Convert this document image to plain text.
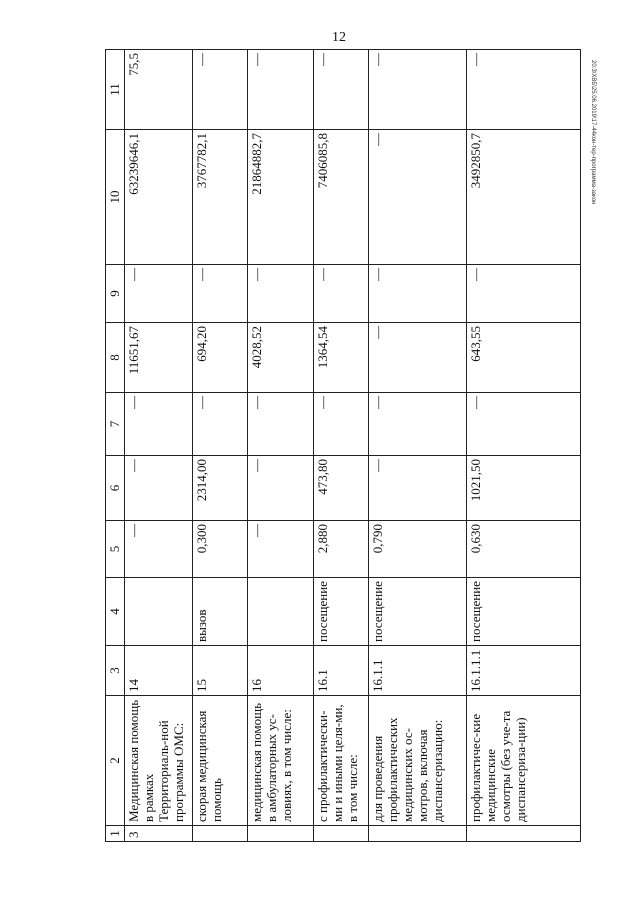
12
20.3\ХВБ\25.06.2019\17-44кон-тер-программа-закон
1	2	3	4	5	6	7	8	9	10	11
3	Медицинская помощь в рамках Территориаль-ной программы ОМС:	14		—	—	—	11651,67	—	63239646,1	75,5
	скорая медицинская помощь	15	вызов	0,300	2314,00	—	694,20	—	3767782,1	—
	медицинская помощь в амбулаторных ус-ловиях, в том числе:	16		—	—	—	4028,52	—	21864882,7	—
	с профилактически-ми и иными целя-ми, в том числе:	16.1	посещение	2,880	473,80	—	1364,54	—	7406085,8	—
	для проведения профилактических медицинских ос-мотров, включая диспансеризацию:	16.1.1	посещение	0,790	—	—	—	—	—	—
	профилактичес-кие медицинские осмотры (без уче-та диспансериза-ции)	16.1.1.1	посещение	0,630	1021,50	—	643,55	—	3492850,7	—
